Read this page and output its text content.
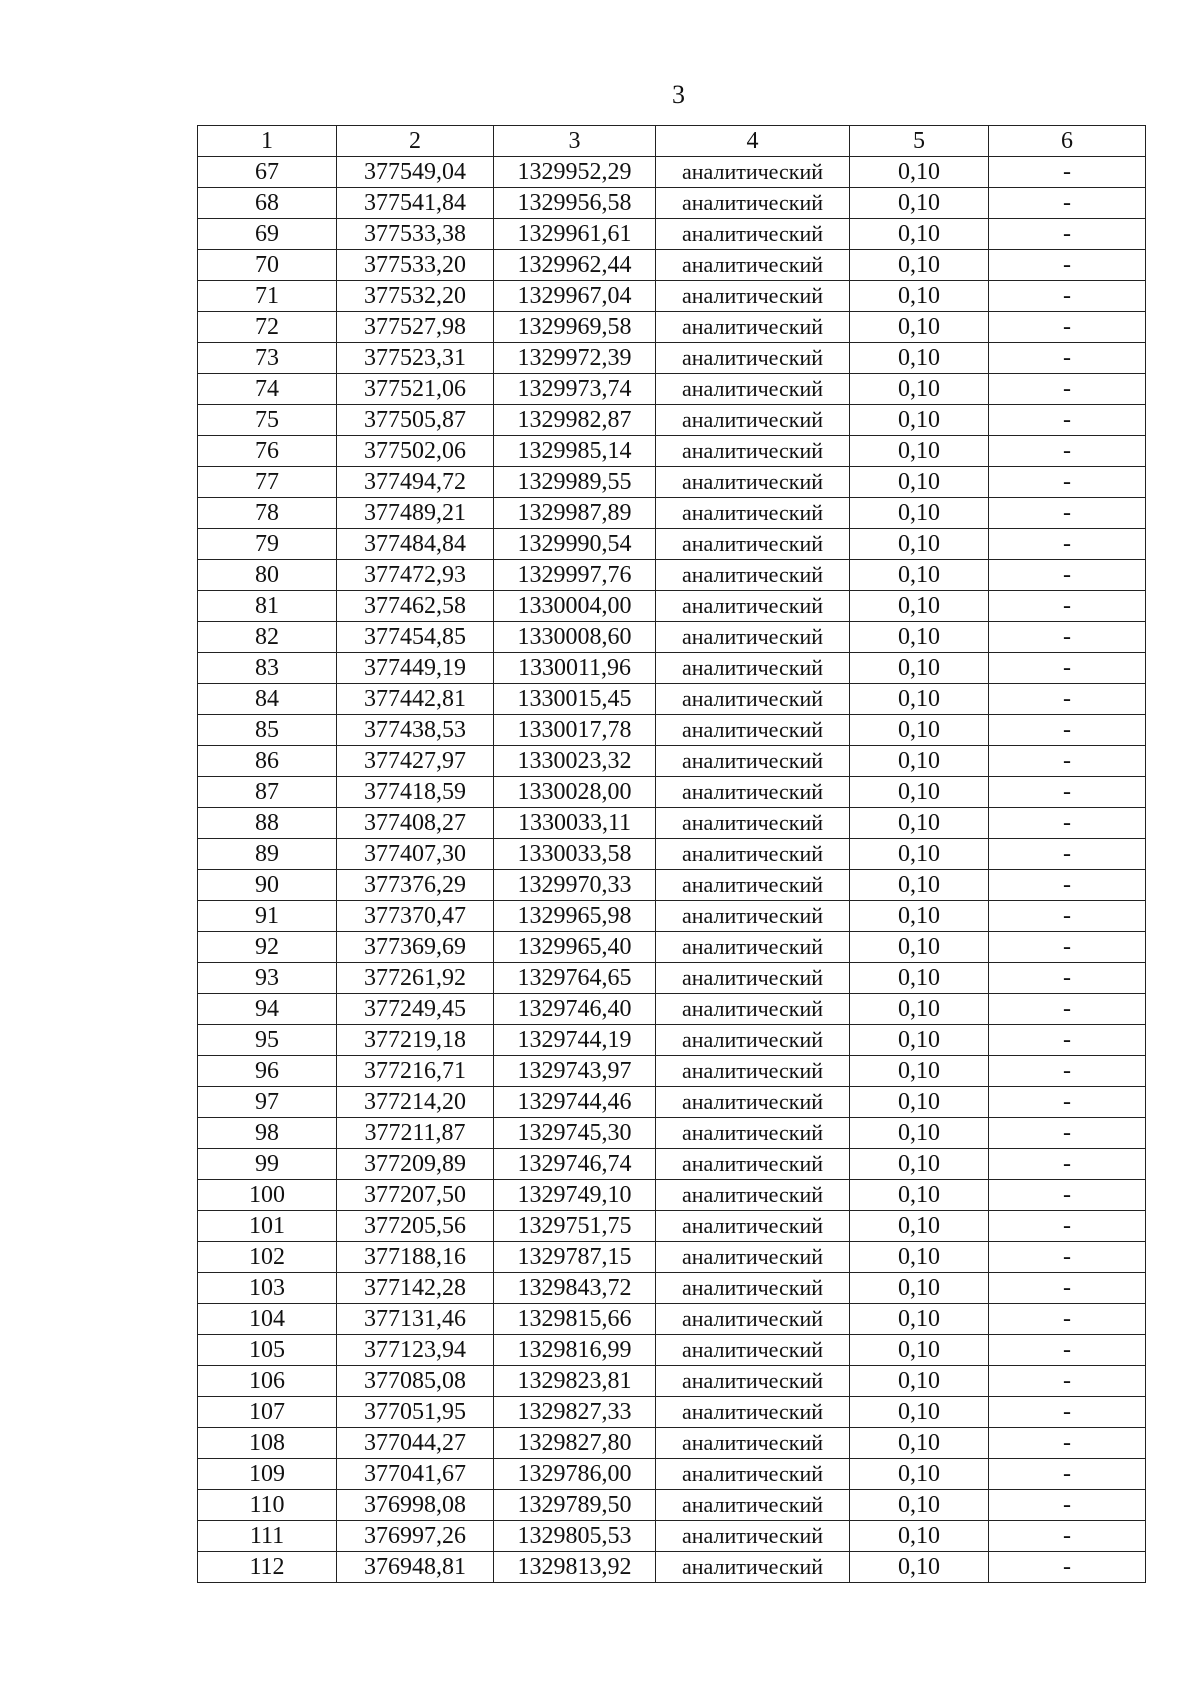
3
1	2	3	4	5	6
67	377549,04	1329952,29	аналитический	0,10	-
68	377541,84	1329956,58	аналитический	0,10	-
69	377533,38	1329961,61	аналитический	0,10	-
70	377533,20	1329962,44	аналитический	0,10	-
71	377532,20	1329967,04	аналитический	0,10	-
72	377527,98	1329969,58	аналитический	0,10	-
73	377523,31	1329972,39	аналитический	0,10	-
74	377521,06	1329973,74	аналитический	0,10	-
75	377505,87	1329982,87	аналитический	0,10	-
76	377502,06	1329985,14	аналитический	0,10	-
77	377494,72	1329989,55	аналитический	0,10	-
78	377489,21	1329987,89	аналитический	0,10	-
79	377484,84	1329990,54	аналитический	0,10	-
80	377472,93	1329997,76	аналитический	0,10	-
81	377462,58	1330004,00	аналитический	0,10	-
82	377454,85	1330008,60	аналитический	0,10	-
83	377449,19	1330011,96	аналитический	0,10	-
84	377442,81	1330015,45	аналитический	0,10	-
85	377438,53	1330017,78	аналитический	0,10	-
86	377427,97	1330023,32	аналитический	0,10	-
87	377418,59	1330028,00	аналитический	0,10	-
88	377408,27	1330033,11	аналитический	0,10	-
89	377407,30	1330033,58	аналитический	0,10	-
90	377376,29	1329970,33	аналитический	0,10	-
91	377370,47	1329965,98	аналитический	0,10	-
92	377369,69	1329965,40	аналитический	0,10	-
93	377261,92	1329764,65	аналитический	0,10	-
94	377249,45	1329746,40	аналитический	0,10	-
95	377219,18	1329744,19	аналитический	0,10	-
96	377216,71	1329743,97	аналитический	0,10	-
97	377214,20	1329744,46	аналитический	0,10	-
98	377211,87	1329745,30	аналитический	0,10	-
99	377209,89	1329746,74	аналитический	0,10	-
100	377207,50	1329749,10	аналитический	0,10	-
101	377205,56	1329751,75	аналитический	0,10	-
102	377188,16	1329787,15	аналитический	0,10	-
103	377142,28	1329843,72	аналитический	0,10	-
104	377131,46	1329815,66	аналитический	0,10	-
105	377123,94	1329816,99	аналитический	0,10	-
106	377085,08	1329823,81	аналитический	0,10	-
107	377051,95	1329827,33	аналитический	0,10	-
108	377044,27	1329827,80	аналитический	0,10	-
109	377041,67	1329786,00	аналитический	0,10	-
110	376998,08	1329789,50	аналитический	0,10	-
111	376997,26	1329805,53	аналитический	0,10	-
112	376948,81	1329813,92	аналитический	0,10	-
